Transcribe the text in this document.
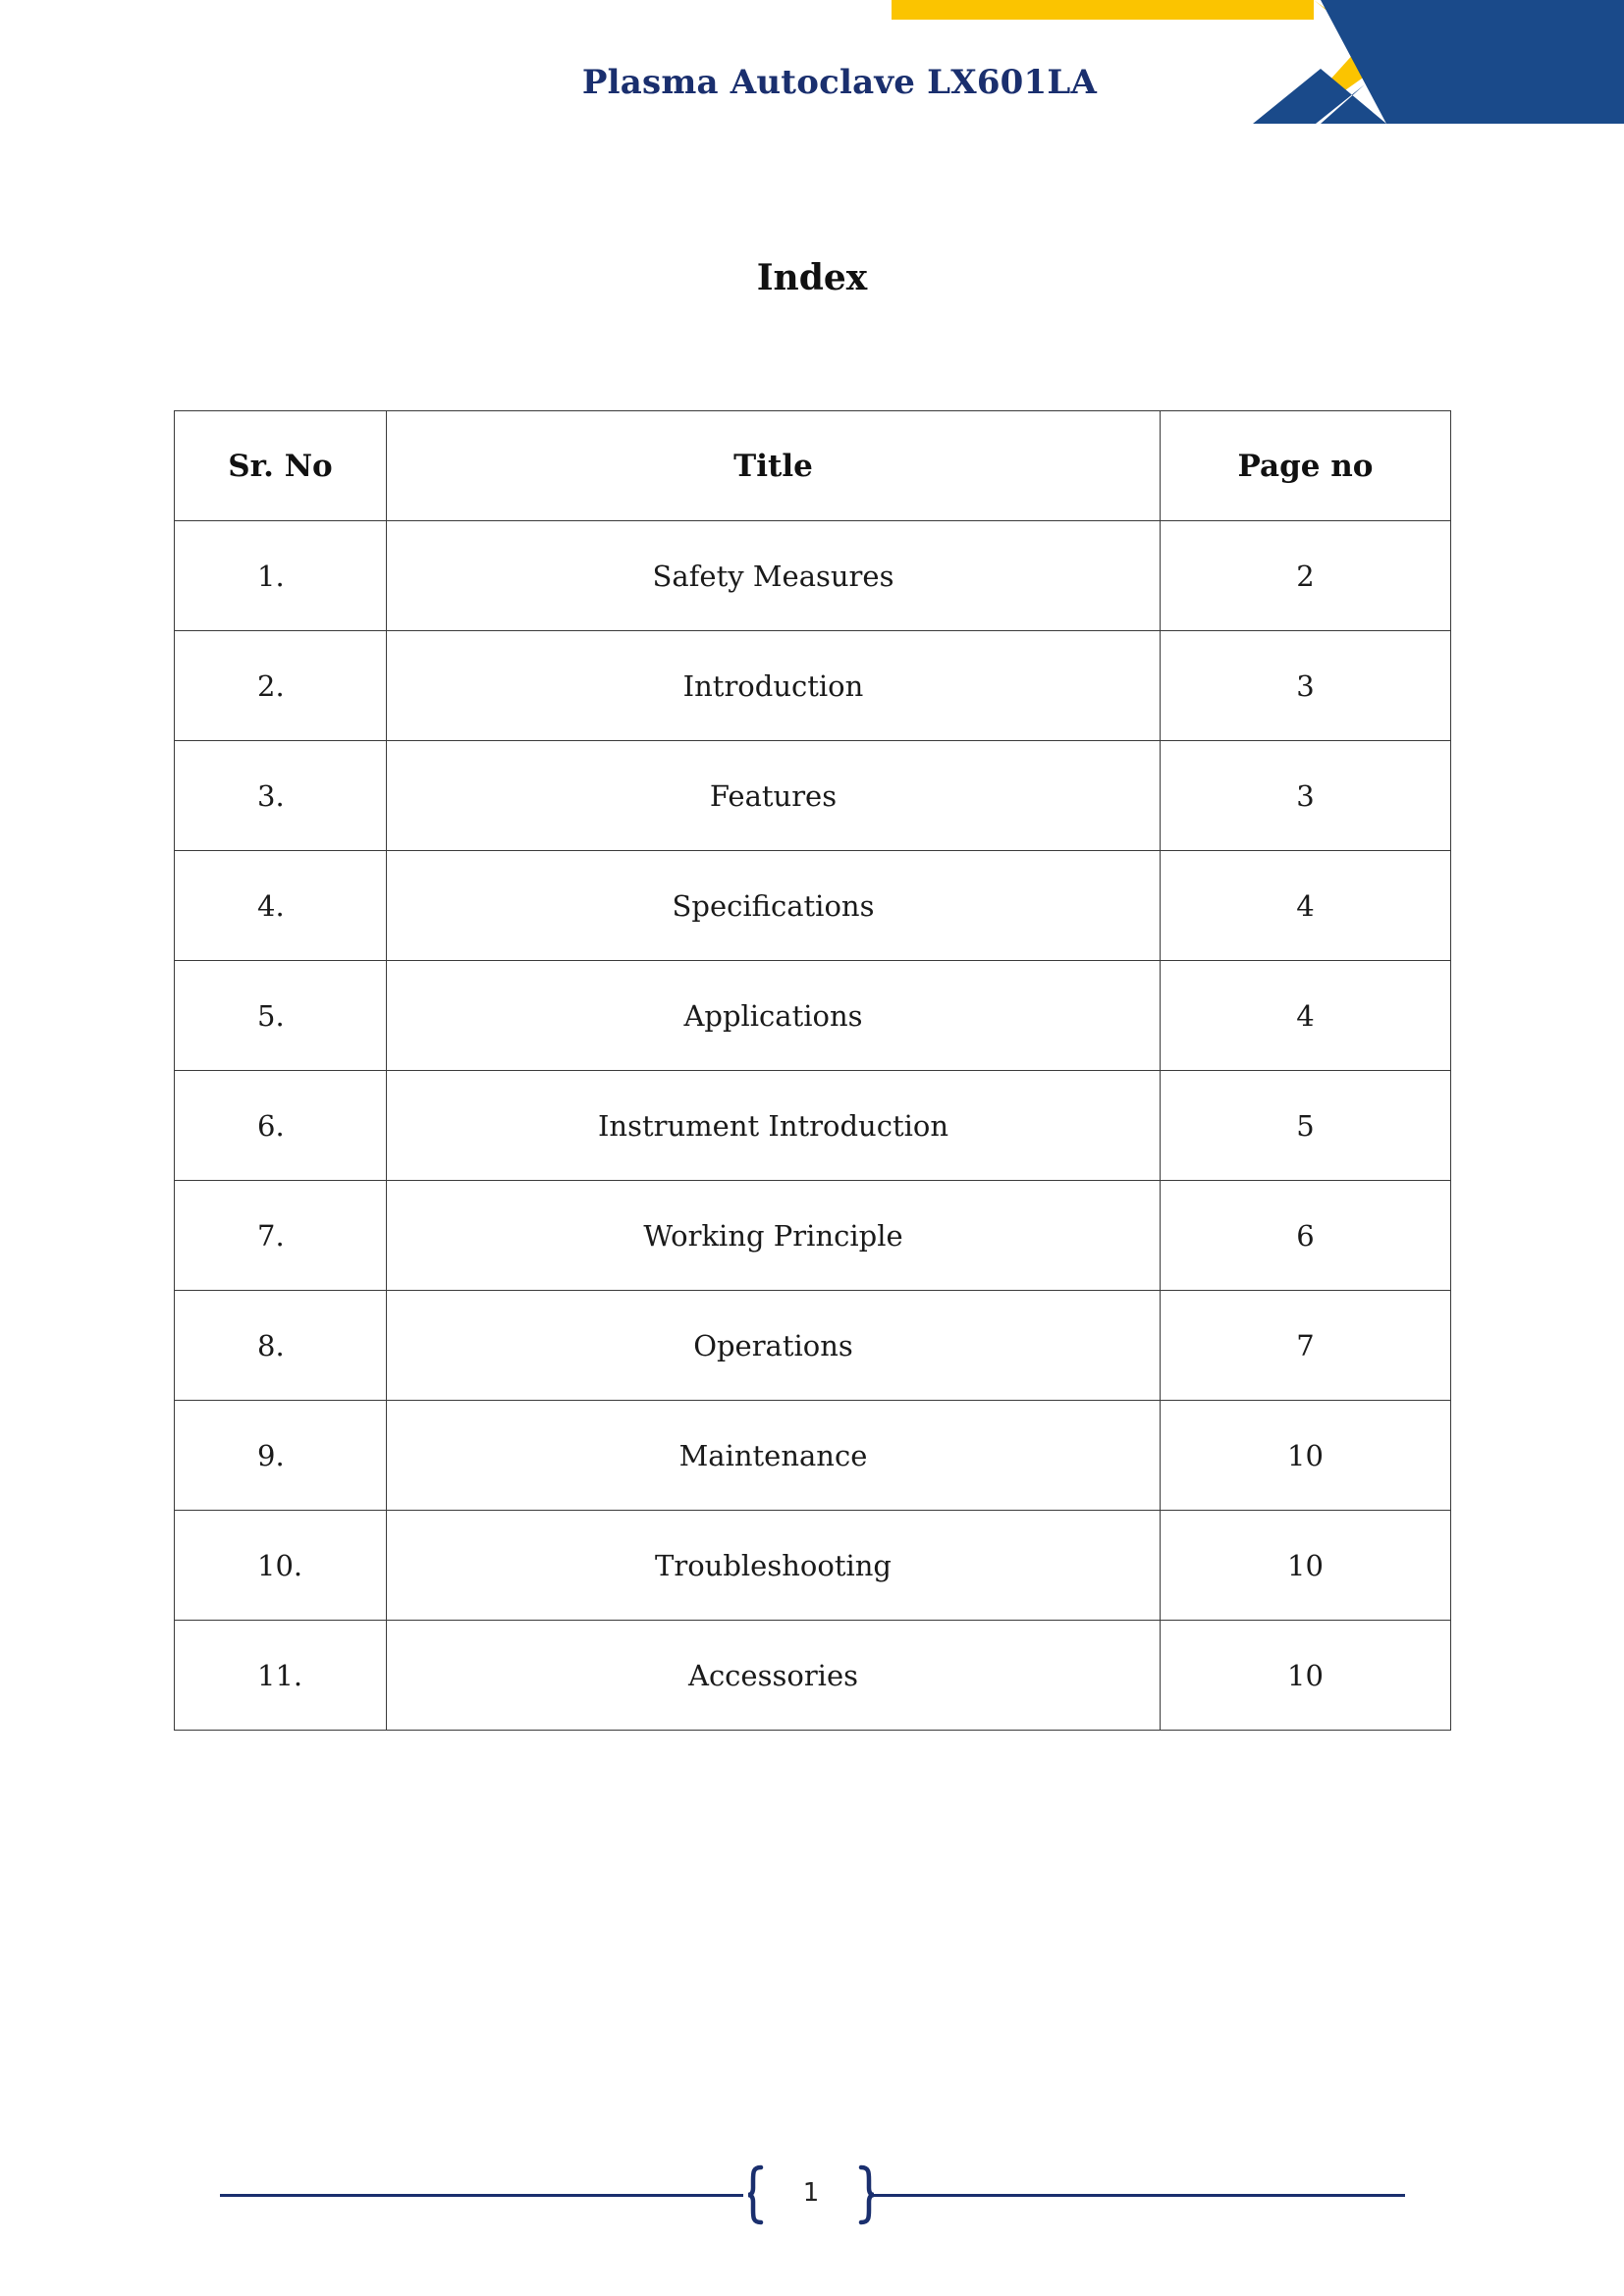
Plasma Autoclave LX601LA
Index
Sr. No	Title	Page no
1.	Safety Measures	2
2.	Introduction	3
3.	Features	3
4.	Specifications	4
5.	Applications	4
6.	Instrument Introduction	5
7.	Working Principle	6
8.	Operations	7
9.	Maintenance	10
10.	Troubleshooting	10
11.	Accessories	10
1
